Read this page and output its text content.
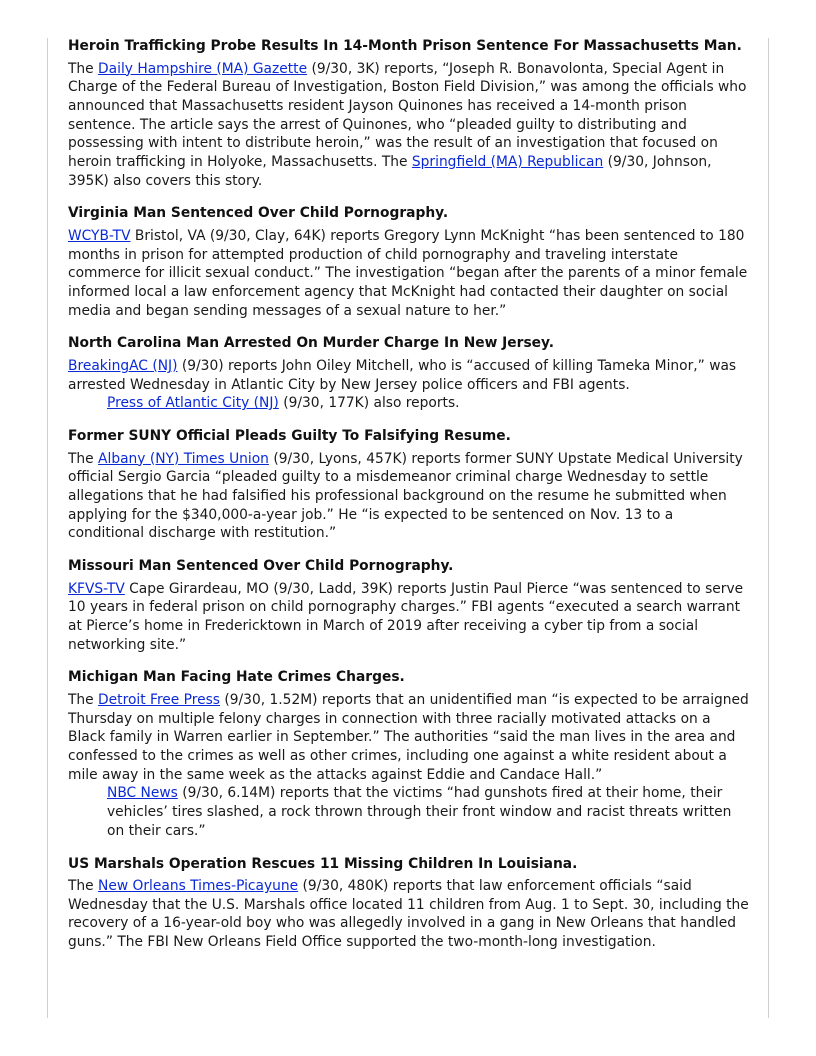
Heroin Trafficking Probe Results In 14-Month Prison Sentence For Massachusetts Man.

The Daily Hampshire (MA) Gazette (9/30, 3K) reports, “Joseph R. Bonavolonta, Special Agent in Charge of the Federal Bureau of Investigation, Boston Field Division,” was among the officials who announced that Massachusetts resident Jayson Quinones has received a 14-month prison sentence. The article says the arrest of Quinones, who “pleaded guilty to distributing and possessing with intent to distribute heroin,” was the result of an investigation that focused on heroin trafficking in Holyoke, Massachusetts. The Springfield (MA) Republican (9/30, Johnson, 395K) also covers this story.

Virginia Man Sentenced Over Child Pornography.

WCYB-TV Bristol, VA (9/30, Clay, 64K) reports Gregory Lynn McKnight “has been sentenced to 180 months in prison for attempted production of child pornography and traveling interstate commerce for illicit sexual conduct.” The investigation “began after the parents of a minor female informed local a law enforcement agency that McKnight had contacted their daughter on social media and began sending messages of a sexual nature to her.”

North Carolina Man Arrested On Murder Charge In New Jersey.

BreakingAC (NJ) (9/30) reports John Oiley Mitchell, who is “accused of killing Tameka Minor,” was arrested Wednesday in Atlantic City by New Jersey police officers and FBI agents.

Press of Atlantic City (NJ) (9/30, 177K) also reports.

Former SUNY Official Pleads Guilty To Falsifying Resume.

The Albany (NY) Times Union (9/30, Lyons, 457K) reports former SUNY Upstate Medical University official Sergio Garcia “pleaded guilty to a misdemeanor criminal charge Wednesday to settle allegations that he had falsified his professional background on the resume he submitted when applying for the $340,000-a-year job.” He “is expected to be sentenced on Nov. 13 to a conditional discharge with restitution.”

Missouri Man Sentenced Over Child Pornography.

KFVS-TV Cape Girardeau, MO (9/30, Ladd, 39K) reports Justin Paul Pierce “was sentenced to serve 10 years in federal prison on child pornography charges.” FBI agents “executed a search warrant at Pierce’s home in Fredericktown in March of 2019 after receiving a cyber tip from a social networking site.”

Michigan Man Facing Hate Crimes Charges.

The Detroit Free Press (9/30, 1.52M) reports that an unidentified man “is expected to be arraigned Thursday on multiple felony charges in connection with three racially motivated attacks on a Black family in Warren earlier in September.” The authorities “said the man lives in the area and confessed to the crimes as well as other crimes, including one against a white resident about a mile away in the same week as the attacks against Eddie and Candace Hall.”

NBC News (9/30, 6.14M) reports that the victims “had gunshots fired at their home, their vehicles’ tires slashed, a rock thrown through their front window and racist threats written on their cars.”

US Marshals Operation Rescues 11 Missing Children In Louisiana.

The New Orleans Times-Picayune (9/30, 480K) reports that law enforcement officials “said Wednesday that the U.S. Marshals office located 11 children from Aug. 1 to Sept. 30, including the recovery of a 16-year-old boy who was allegedly involved in a gang in New Orleans that handled guns.” The FBI New Orleans Field Office supported the two-month-long investigation.
